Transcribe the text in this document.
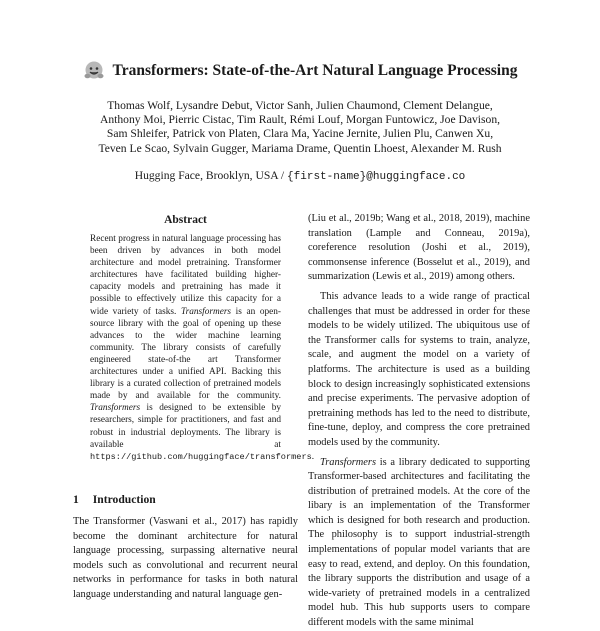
Transformers: State-of-the-Art Natural Language Processing
Thomas Wolf, Lysandre Debut, Victor Sanh, Julien Chaumond, Clement Delangue,
Anthony Moi, Pierric Cistac, Tim Rault, Rémi Louf, Morgan Funtowicz, Joe Davison,
Sam Shleifer, Patrick von Platen, Clara Ma, Yacine Jernite, Julien Plu, Canwen Xu,
Teven Le Scao, Sylvain Gugger, Mariama Drame, Quentin Lhoest, Alexander M. Rush
Hugging Face, Brooklyn, USA / {first-name}@huggingface.co
Abstract

Recent progress in natural language processing has been driven by advances in both model architecture and model pretraining. Transformer architectures have facilitated building higher-capacity models and pretraining has made it possible to effectively utilize this capacity for a wide variety of tasks. Transformers is an open-source library with the goal of opening up these advances to the wider machine learning community. The library consists of carefully engineered state-of-the art Transformer architectures under a unified API. Backing this library is a curated collection of pretrained models made by and available for the community. Transformers is designed to be extensible by researchers, simple for practitioners, and fast and robust in industrial deployments. The library is available at https://github.com/huggingface/transformers.

1 Introduction

The Transformer (Vaswani et al., 2017) has rapidly become the dominant architecture for natural language processing, surpassing alternative neural models such as convolutional and recurrent neural networks in performance for tasks in both natural language understanding and natural language gen-

(Liu et al., 2019b; Wang et al., 2018, 2019), machine translation (Lample and Conneau, 2019a), coreference resolution (Joshi et al., 2019), commonsense inference (Bosselut et al., 2019), and summarization (Lewis et al., 2019) among others.

This advance leads to a wide range of practical challenges that must be addressed in order for these models to be widely utilized. The ubiquitous use of the Transformer calls for systems to train, analyze, scale, and augment the model on a variety of platforms. The architecture is used as a building block to design increasingly sophisticated extensions and precise experiments. The pervasive adoption of pretraining methods has led to the need to distribute, fine-tune, deploy, and compress the core pretrained models used by the community.

Transformers is a library dedicated to supporting Transformer-based architectures and facilitating the distribution of pretrained models. At the core of the libary is an implementation of the Transformer which is designed for both research and production. The philosophy is to support industrial-strength implementations of popular model variants that are easy to read, extend, and deploy. On this foundation, the library supports the distribution and usage of a wide-variety of pretrained models in a centralized model hub. This hub supports users to compare different models with the same minimal
